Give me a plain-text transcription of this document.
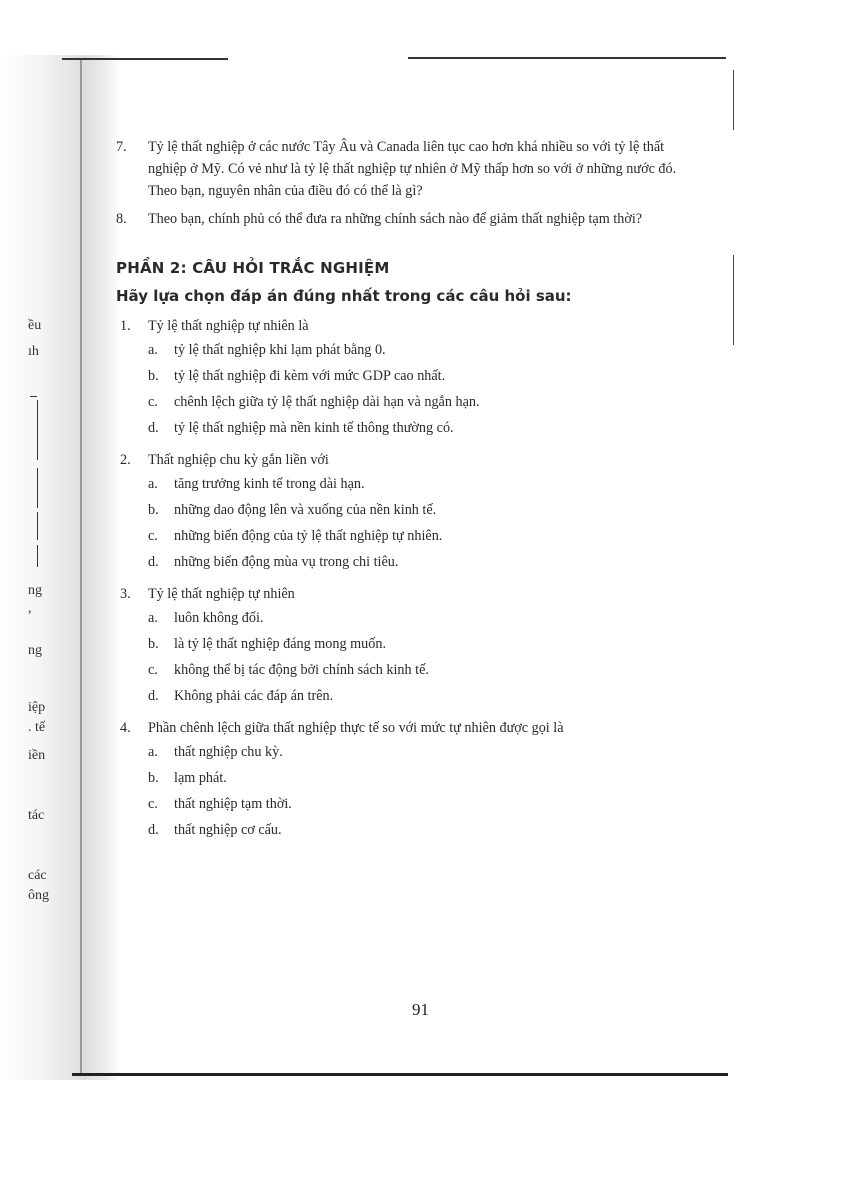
ều
ıh
ng
,
ng
iệp
. tế
iền
tác
các
ông
7. Tỷ lệ thất nghiệp ở các nước Tây Âu và Canada liên tục cao hơn khá nhiều so với tỷ lệ thất nghiệp ở Mỹ. Có vẻ như là tỷ lệ thất nghiệp tự nhiên ở Mỹ thấp hơn so với ở những nước đó. Theo bạn, nguyên nhân của điều đó có thể là gì?
8. Theo bạn, chính phủ có thể đưa ra những chính sách nào để giảm thất nghiệp tạm thời?
PHẦN 2: CÂU HỎI TRẮC NGHIỆM
Hãy lựa chọn đáp án đúng nhất trong các câu hỏi sau:
1. Tỷ lệ thất nghiệp tự nhiên là
a. tỷ lệ thất nghiệp khi lạm phát bằng 0.
b. tỷ lệ thất nghiệp đi kèm với mức GDP cao nhất.
c. chênh lệch giữa tỷ lệ thất nghiệp dài hạn và ngắn hạn.
d. tỷ lệ thất nghiệp mà nền kinh tế thông thường có.
2. Thất nghiệp chu kỳ gắn liền với
a. tăng trưởng kinh tế trong dài hạn.
b. những dao động lên và xuống của nền kinh tế.
c. những biến động của tỷ lệ thất nghiệp tự nhiên.
d. những biến động mùa vụ trong chi tiêu.
3. Tỷ lệ thất nghiệp tự nhiên
a. luôn không đổi.
b. là tỷ lệ thất nghiệp đáng mong muốn.
c. không thể bị tác động bởi chính sách kinh tế.
d. Không phải các đáp án trên.
4. Phần chênh lệch giữa thất nghiệp thực tế so với mức tự nhiên được gọi là
a. thất nghiệp chu kỳ.
b. lạm phát.
c. thất nghiệp tạm thời.
d. thất nghiệp cơ cấu.
91
